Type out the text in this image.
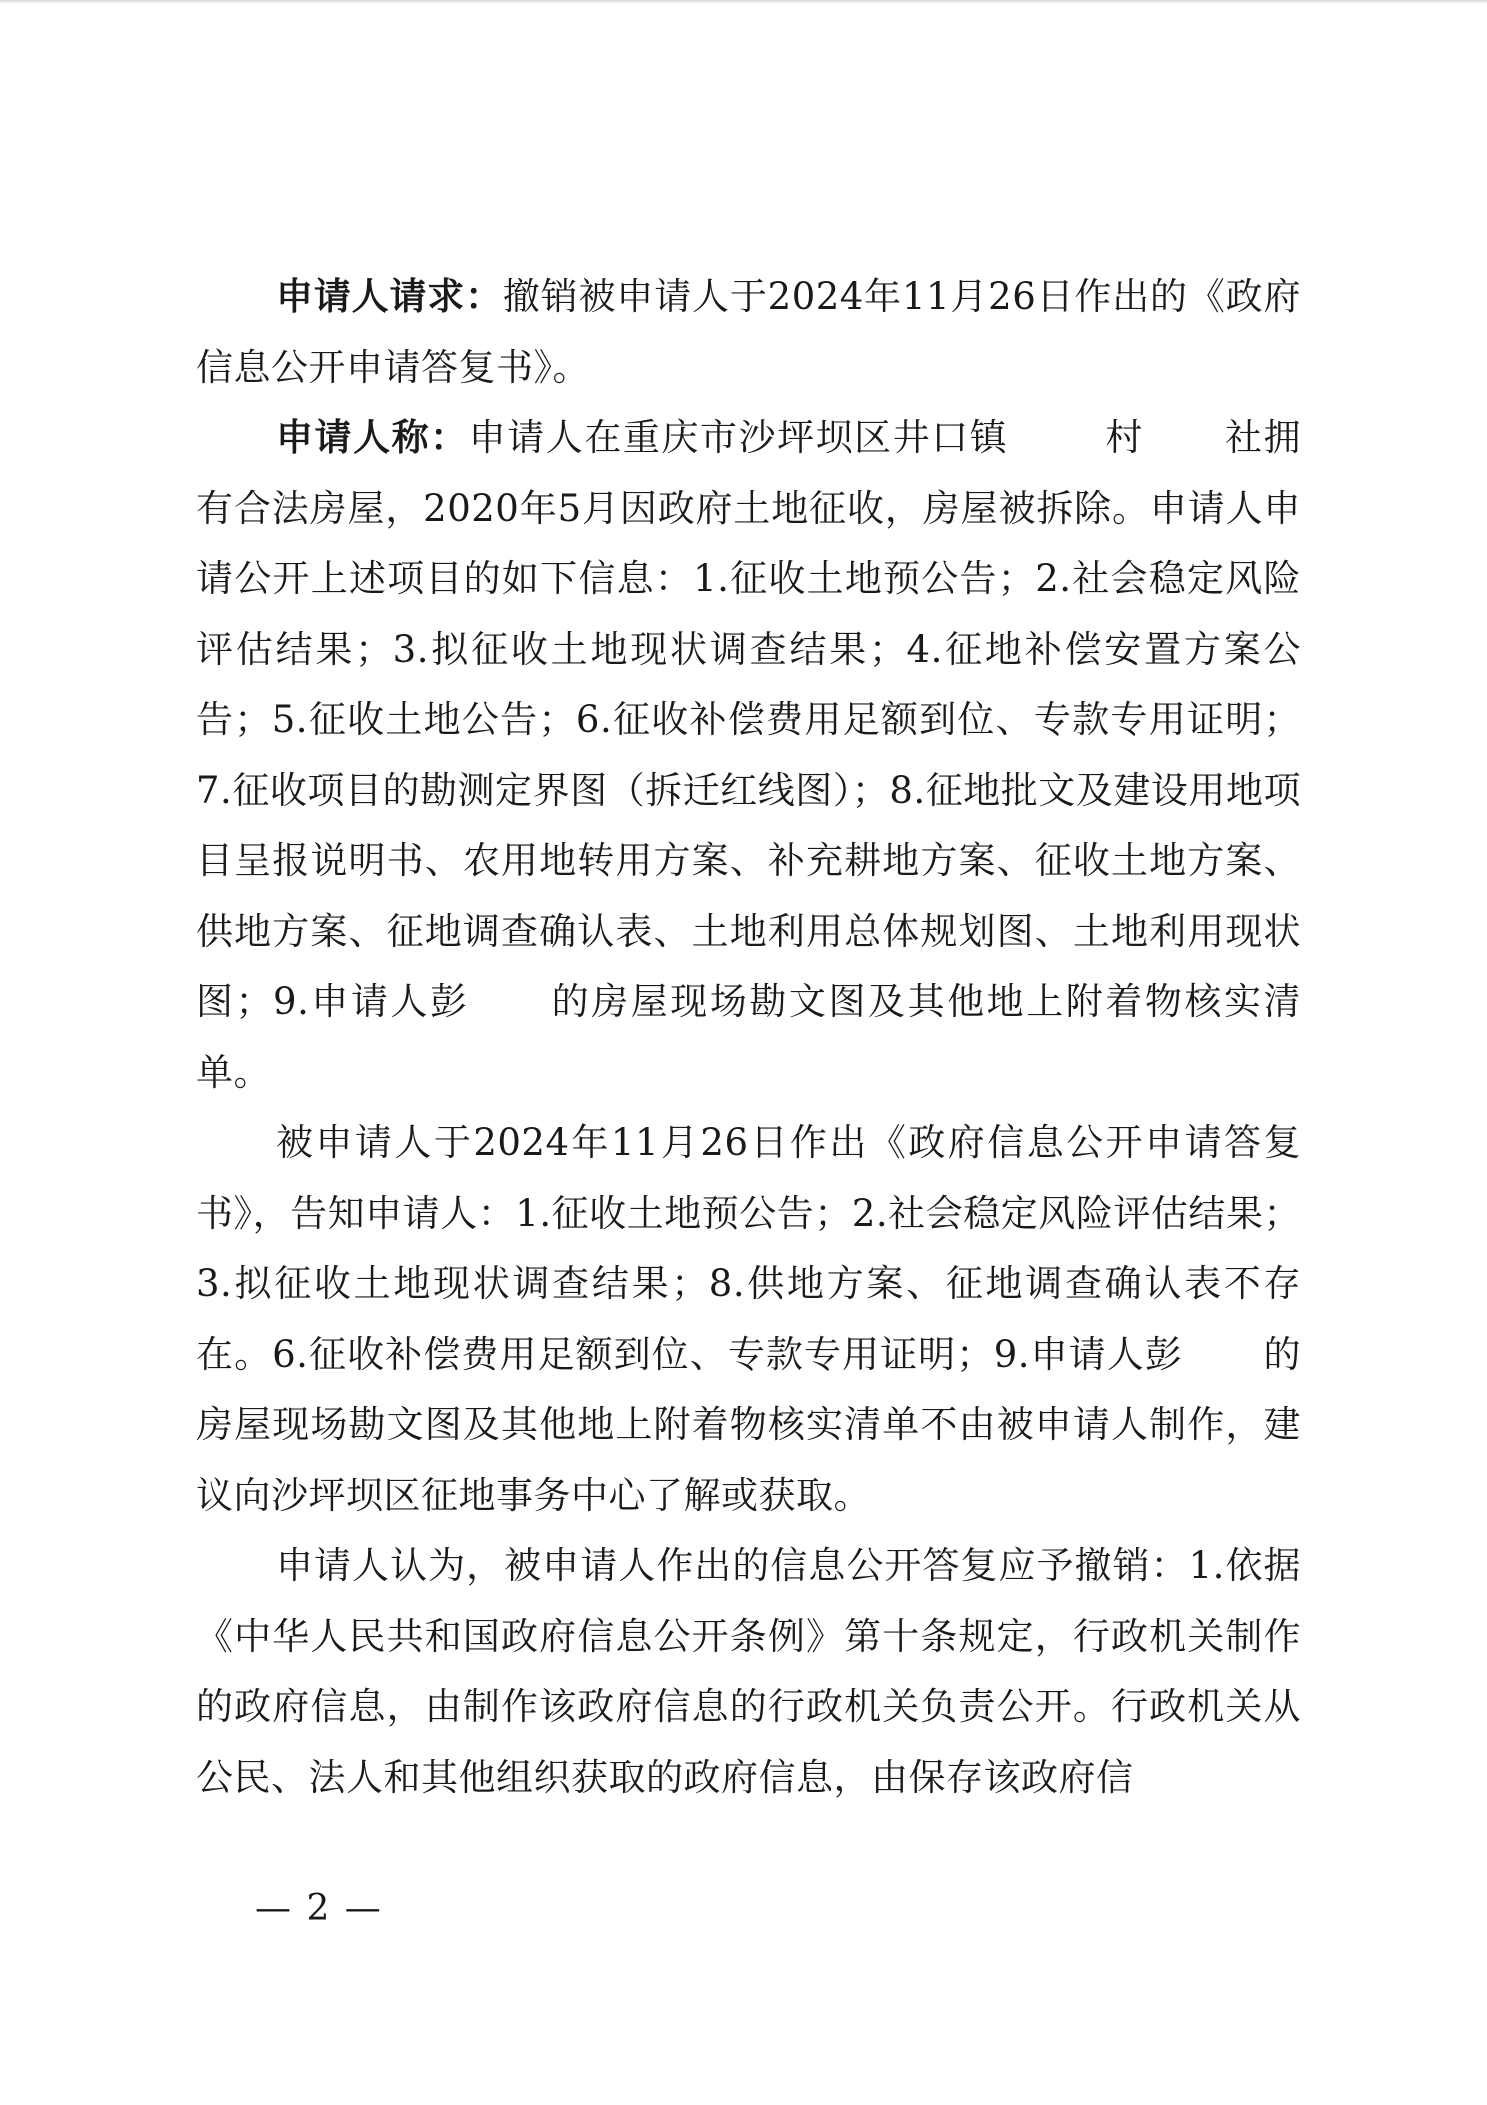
申请人请求：撤销被申请人于2024年11月26日作出的《政府信息公开申请答复书》。

申请人称：申请人在重庆市沙坪坝区井口镇	村 社拥有合法房屋，2020年5月因政府土地征收，房屋被拆除。申请人申请公开上述项目的如下信息：1.征收土地预公告；2.社会稳定风险评估结果；3.拟征收土地现状调查结果；4.征地补偿安置方案公告；5.征收土地公告；6.征收补偿费用足额到位、专款专用证明；7.征收项目的勘测定界图（拆迁红线图）；8.征地批文及建设用地项目呈报说明书、农用地转用方案、补充耕地方案、征收土地方案、供地方案、征地调查确认表、土地利用总体规划图、土地利用现状图；9.申请人彭 的房屋现场勘文图及其他地上附着物核实清单。

被申请人于2024年11月26日作出《政府信息公开申请答复书》，告知申请人：1.征收土地预公告；2.社会稳定风险评估结果；3.拟征收土地现状调查结果；8.供地方案、征地调查确认表不存在。6.征收补偿费用足额到位、专款专用证明；9.申请人彭 的房屋现场勘文图及其他地上附着物核实清单不由被申请人制作，建议向沙坪坝区征地事务中心了解或获取。

申请人认为，被申请人作出的信息公开答复应予撤销：1.依据《中华人民共和国政府信息公开条例》第十条规定，行政机关制作的政府信息，由制作该政府信息的行政机关负责公开。行政机关从公民、法人和其他组织获取的政府信息，由保存该政府信

— 2 —
